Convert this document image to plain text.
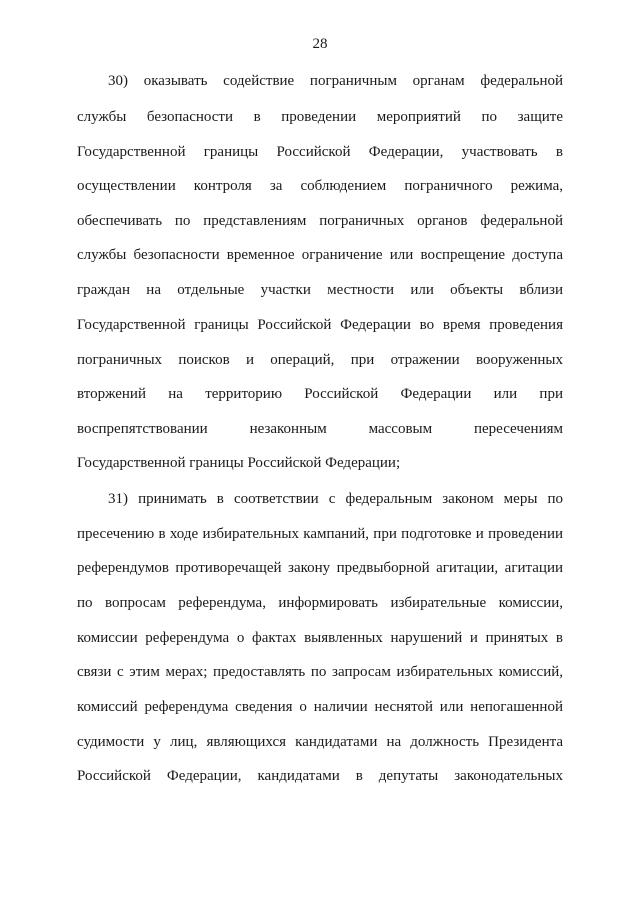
28
30) оказывать содействие пограничным органам федеральной
службы безопасности в проведении мероприятий по защите
Государственной границы Российской Федерации, участвовать в
осуществлении контроля за соблюдением пограничного режима,
обеспечивать по представлениям пограничных органов федеральной
службы безопасности временное ограничение или воспрещение доступа
граждан на отдельные участки местности или объекты вблизи
Государственной границы Российской Федерации во время проведения
пограничных поисков и операций, при отражении вооруженных
вторжений на территорию Российской Федерации или при
воспрепятствовании незаконным массовым пересечениям
Государственной границы Российской Федерации;
31) принимать в соответствии с федеральным законом меры по
пресечению в ходе избирательных кампаний, при подготовке и проведении
референдумов противоречащей закону предвыборной агитации, агитации
по вопросам референдума, информировать избирательные комиссии,
комиссии референдума о фактах выявленных нарушений и принятых в
связи с этим мерах; предоставлять по запросам избирательных комиссий,
комиссий референдума сведения о наличии неснятой или непогашенной
судимости у лиц, являющихся кандидатами на должность Президента
Российской Федерации, кандидатами в депутаты законодательных
